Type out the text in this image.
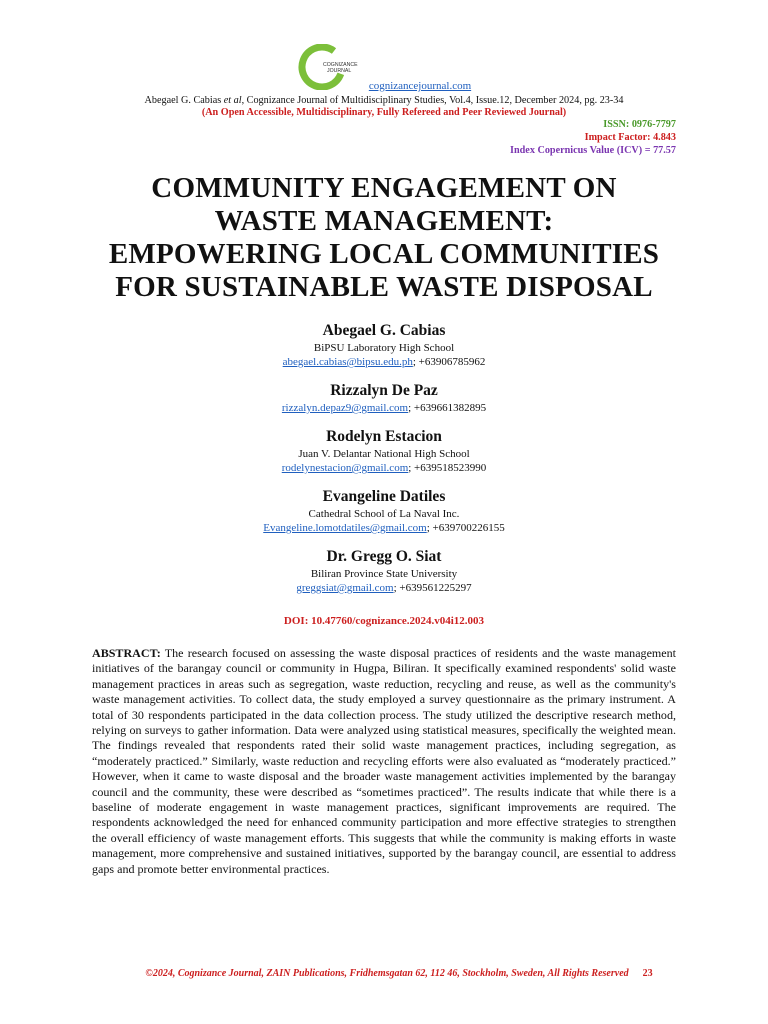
COGNIZANCE
JOURNAL
cognizancejournal.com
Abegael G. Cabias et al, Cognizance Journal of Multidisciplinary Studies, Vol.4, Issue.12, December 2024, pg. 23-34
(An Open Accessible, Multidisciplinary, Fully Refereed and Peer Reviewed Journal)
ISSN: 0976-7797
Impact Factor: 4.843
Index Copernicus Value (ICV) = 77.57
COMMUNITY ENGAGEMENT ON
WASTE MANAGEMENT:
EMPOWERING LOCAL COMMUNITIES
FOR SUSTAINABLE WASTE DISPOSAL
Abegael G. Cabias
BiPSU Laboratory High School
abegael.cabias@bipsu.edu.ph; +63906785962
Rizzalyn De Paz
rizzalyn.depaz9@gmail.com; +639661382895
Rodelyn Estacion
Juan V. Delantar National High School
rodelynestacion@gmail.com; +639518523990
Evangeline Datiles
Cathedral School of La Naval Inc.
Evangeline.lomotdatiles@gmail.com; +639700226155
Dr. Gregg O. Siat
Biliran Province State University
greggsiat@gmail.com; +639561225297
DOI: 10.47760/cognizance.2024.v04i12.003

ABSTRACT: The research focused on assessing the waste disposal practices of residents and the waste management initiatives of the barangay council or community in Hugpa, Biliran. It specifically examined respondents' solid waste management practices in areas such as segregation, waste reduction, recycling and reuse, as well as the community's waste management activities. To collect data, the study employed a survey questionnaire as the primary instrument. A total of 30 respondents participated in the data collection process. The study utilized the descriptive research method, relying on surveys to gather information. Data were analyzed using statistical measures, specifically the weighted mean. The findings revealed that respondents rated their solid waste management practices, including segregation, as “moderately practiced.” Similarly, waste reduction and recycling efforts were also evaluated as “moderately practiced.” However, when it came to waste disposal and the broader waste management activities implemented by the barangay council and the community, these were described as “sometimes practiced”. The results indicate that while there is a baseline of moderate engagement in waste management practices, significant improvements are required. The respondents acknowledged the need for enhanced community participation and more effective strategies to strengthen the overall efficiency of waste management efforts. This suggests that while the community is making efforts in waste management, more comprehensive and sustained initiatives, supported by the barangay council, are essential to address gaps and promote better environmental practices.

©2024, Cognizance Journal, ZAIN Publications, Fridhemsgatan 62, 112 46, Stockholm, Sweden, All Rights Reserved 23
